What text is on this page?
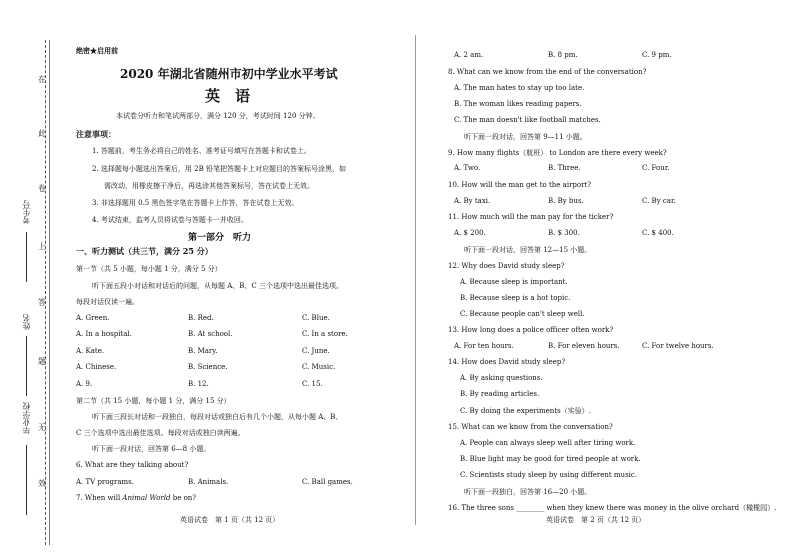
在
此
卷
上
答
题
无
效
考生号
姓名
毕业学校
绝密★启用前
2020 年湖北省随州市初中学业水平考试
英　语
本试卷分听力和笔试两部分，满分 120 分，考试时间 120 分钟。
注意事项：
1. 答题前，考生务必将自己的姓名、准考证号填写在答题卡和试卷上。
2. 选择题每小题选出答案后，用 2B 铅笔把答题卡上对应题目的答案标号涂黑，如
需改动，用橡皮擦干净后，再选涂其他答案标号，答在试卷上无效。
3. 非选择题用 0.5 黑色签字笔在答题卡上作答，答在试卷上无效。
4. 考试结束，监考人员将试卷与答题卡一并收回。
第一部分　听力
一、听力测试（共三节，满分 25 分）
第一节（共 5 小题，每小题 1 分，满分 5 分）
听下面五段小对话和对话后的问题，从每题 A、B、C 三个选项中选出最佳选项。
每段对话仅读一遍。
A. Green.	B. Red.	C. Blue.
A. In a hospital.	B. At school.	C. In a store.
A. Kate.	B. Mary.	C. June.
A. Chinese.	B. Science.	C. Music.
A. 9.	B. 12.	C. 15.
第二节（共 15 小题，每小题 1 分，满分 15 分）
听下面三段长对话和一段独白，每段对话或独白后有几个小题，从每小题 A、B、
C 三个选项中选出最佳选项。每段对话或独白读两遍。
听下面一段对话，回答第 6—8 小题。
6. What are they talking about?
A. TV programs.	B. Animals.	C. Ball games.
7. When will Animal World be on?
英语试卷　第 1 页（共 12 页）
A. 2 am.	B. 8 pm.	C. 9 pm.
8. What can we know from the end of the conversation?
A. The man hates to stay up too late.
B. The woman likes reading papers.
C. The man doesn't like football matches.
听下面一段对话，回答第 9—11 小题。
9. How many flights（航班） to London are there every week?
A. Two.	B. Three.	C. Four.
10. How will the man get to the airport?
A. By taxi.	B. By bus.	C. By car.
11. How much will the man pay for the ticker?
A. $ 200.	B. $ 300.	C. $ 400.
听下面一段对话，回答第 12—15 小题。
12. Why does David study sleep?
A. Because sleep is important.
B. Because sleep is a hot topic.
C. Because people can't sleep well.
13. How long does a police officer often work?
A. For ten hours.	B. For eleven hours.	C. For twelve hours.
14. How does David study sleep?
A. By asking questions.
B. By reading articles.
C. By doing the experiments（实验）.
15. What can we know from the conversation?
A. People can always sleep well after tiring work.
B. Blue light may be good for tired people at work.
C. Scientists study sleep by using different music.
听下面一段独白，回答第 16—20 小题。
16. The three sons ________ when they knew there was money in the olive orchard（橄榄园）.
英语试卷　第 2 页（共 12 页）
